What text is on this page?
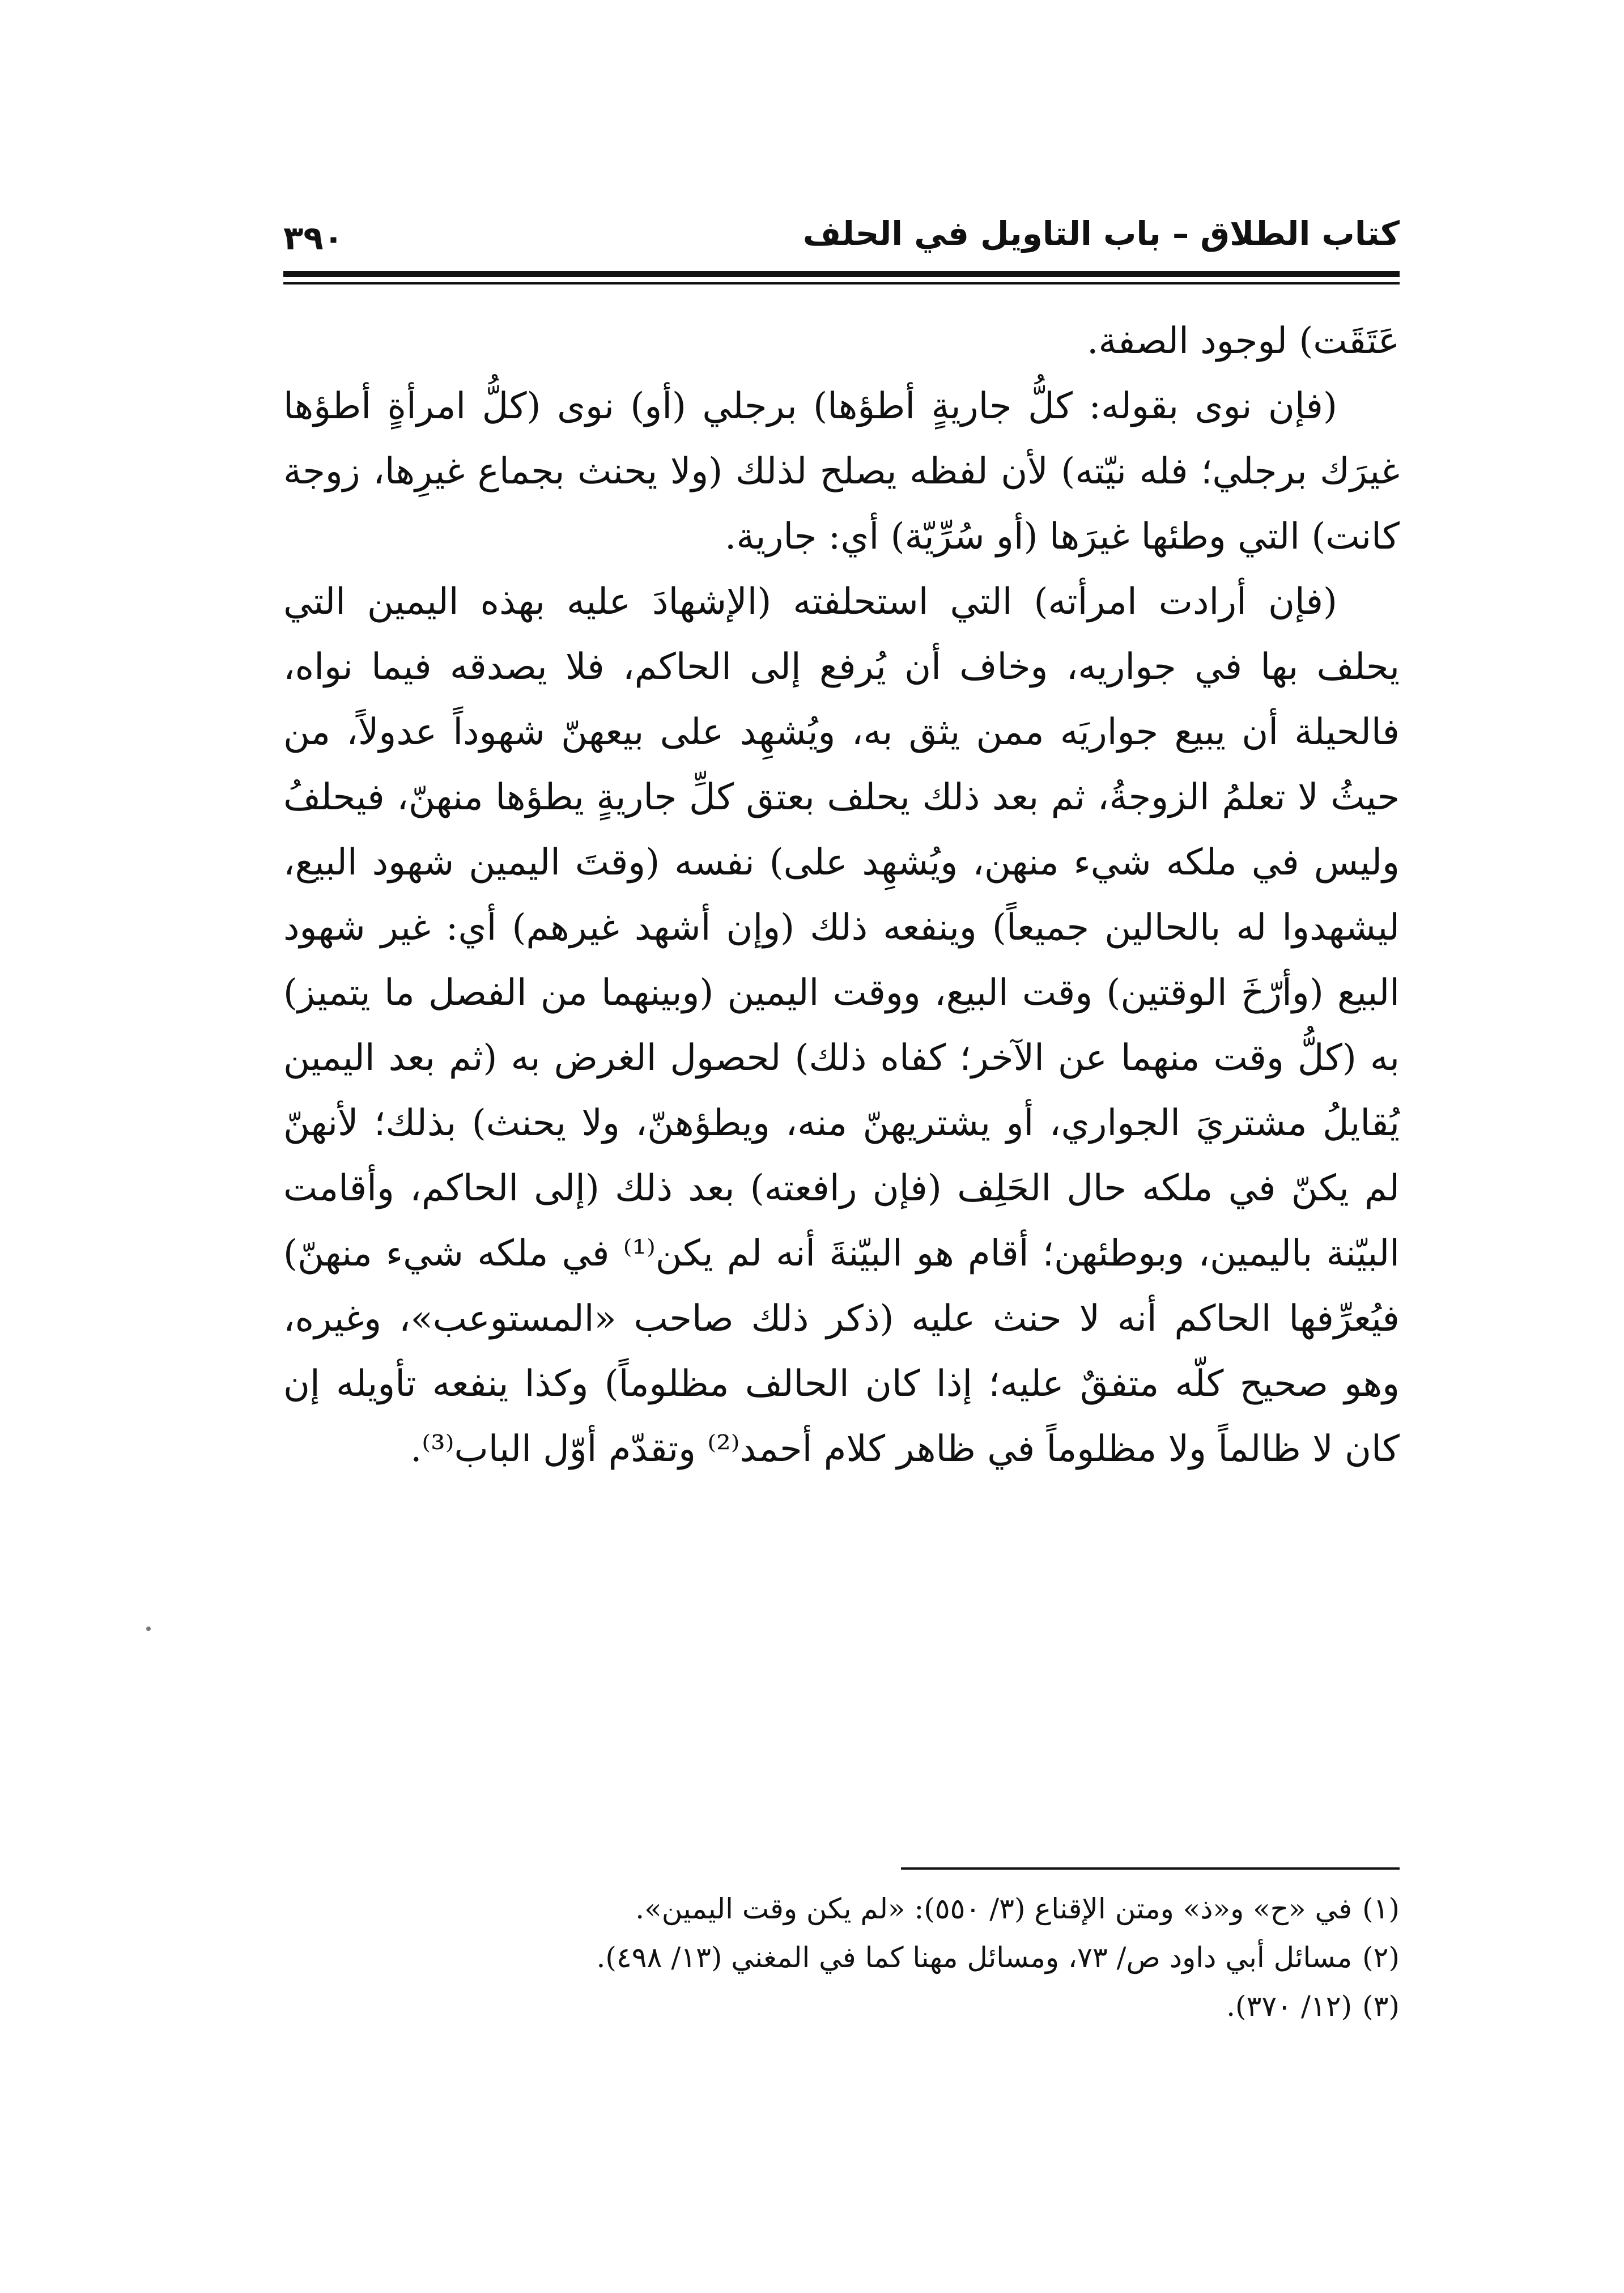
كتاب الطلاق – باب التاويل في الحلف
٣٩٠

عَتَقَت) لوجود الصفة.

(فإن نوى بقوله: كلُّ جاريةٍ أطؤها) برجلي (أو) نوى (كلُّ امرأةٍ أطؤها غيرَك برجلي؛ فله نيّته) لأن لفظه يصلح لذلك (ولا يحنث بجماع غيرِها، زوجة كانت) التي وطئها غيرَها (أو سُرِّيّة) أي: جارية.

(فإن أرادت امرأته) التي استحلفته (الإشهادَ عليه بهذه اليمين التي يحلف بها في جواريه، وخاف أن يُرفع إلى الحاكم، فلا يصدقه فيما نواه، فالحيلة أن يبيع جواريَه ممن يثق به، ويُشهِد على بيعهنّ شهوداً عدولاً، من حيثُ لا تعلمُ الزوجةُ، ثم بعد ذلك يحلف بعتق كلِّ جاريةٍ يطؤها منهنّ، فيحلفُ وليس في ملكه شيء منهن، ويُشهِد على) نفسه (وقتَ اليمين شهود البيع، ليشهدوا له بالحالين جميعاً) وينفعه ذلك (وإن أشهد غيرهم) أي: غير شهود البيع (وأرّخَ الوقتين) وقت البيع، ووقت اليمين (وبينهما من الفصل ما يتميز) به (كلُّ وقت منهما عن الآخر؛ كفاه ذلك) لحصول الغرض به (ثم بعد اليمين يُقايلُ مشتريَ الجواري، أو يشتريهنّ منه، ويطؤهنّ، ولا يحنث) بذلك؛ لأنهنّ لم يكنّ في ملكه حال الحَلِف (فإن رافعته) بعد ذلك (إلى الحاكم، وأقامت البيّنة باليمين، وبوطئهن؛ أقام هو البيّنةَ أنه لم يكن⁽¹⁾ في ملكه شيء منهنّ) فيُعرِّفها الحاكم أنه لا حنث عليه (ذكر ذلك صاحب «المستوعب»، وغيره، وهو صحيح كلّه متفقٌ عليه؛ إذا كان الحالف مظلوماً) وكذا ينفعه تأويله إن كان لا ظالماً ولا مظلوماً في ظاهر كلام أحمد⁽²⁾ وتقدّم أوّل الباب⁽³⁾.

(١)في «ح» و«ذ» ومتن الإقناع (٣/ ٥٥٠): «لم يكن وقت اليمين».
(٢)مسائل أبي داود ص/ ٧٣، ومسائل مهنا كما في المغني (١٣/ ٤٩٨).
(٣)(١٢/ ٣٧٠).
